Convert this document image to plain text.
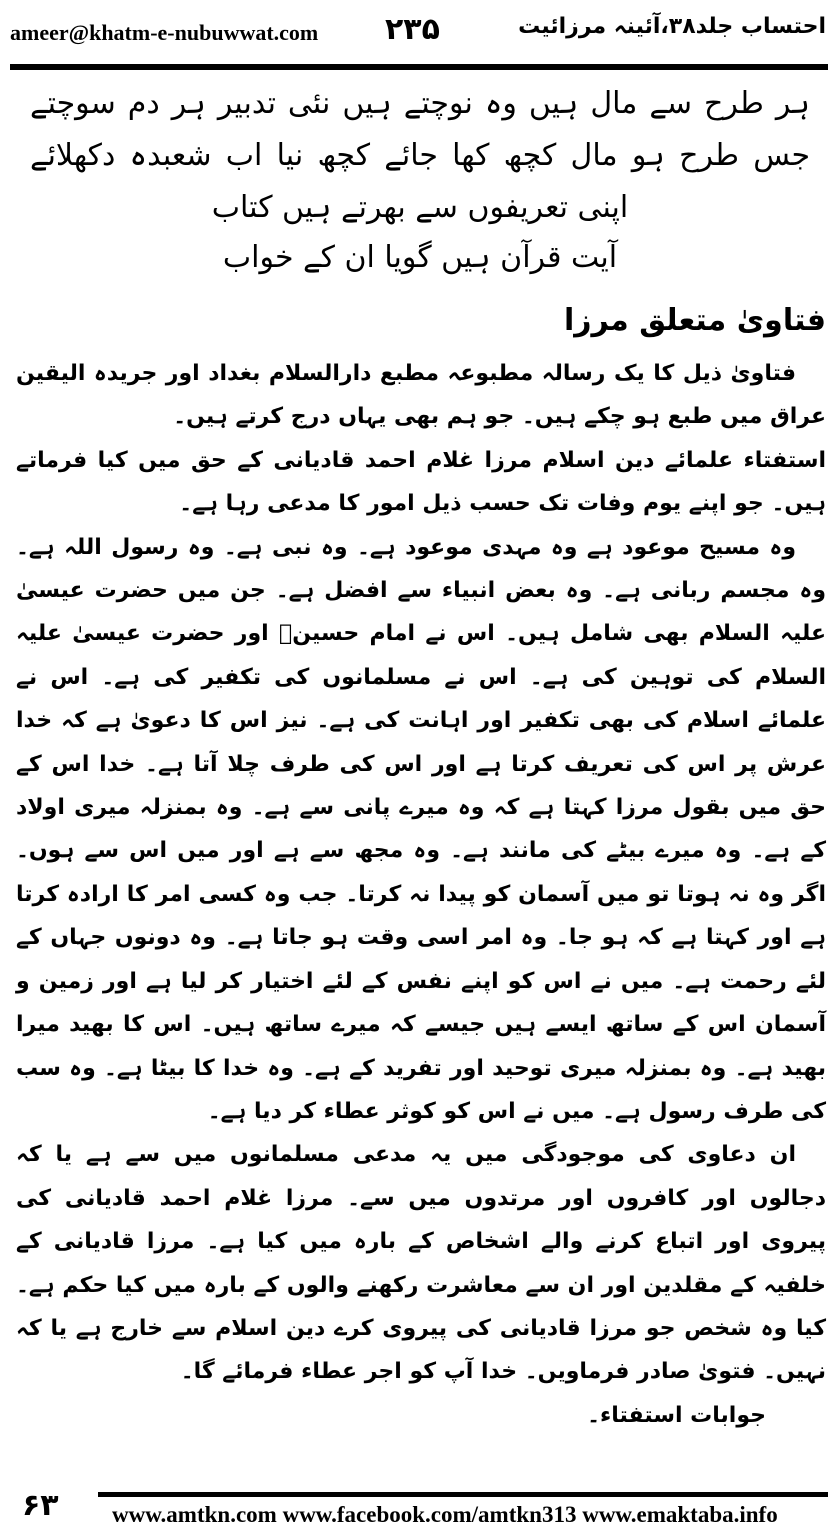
ameer@khatm-e-nubuwwat.com ۲۳۵	احتساب جلد۳۸،آئینہ مرزائیت
ہر طرح سے مال ہیں وہ نوچتے ہیں نئی تدبیر ہر دم سوچتے
جس طرح ہو مال کچھ کھا جائے کچھ نیا اب شعبدہ دکھلائے
اپنی تعریفوں سے بھرتے ہیں کتاب
آیت قرآن ہیں گویا ان کے خواب
فتاویٰ متعلق مرزا

فتاویٰ ذیل کا یک رسالہ مطبوعہ مطبع دارالسلام بغداد اور جریدہ الیقین عراق میں طبع ہو چکے ہیں۔ جو ہم بھی یہاں درج کرتے ہیں۔

استفتاء علمائے دین اسلام مرزا غلام احمد قادیانی کے حق میں کیا فرماتے ہیں۔ جو اپنے یوم وفات تک حسب ذیل امور کا مدعی رہا ہے۔

وہ مسیح موعود ہے وہ مہدی موعود ہے۔ وہ نبی ہے۔ وہ رسول اللہ ہے۔ وہ مجسم ربانی ہے۔ وہ بعض انبیاء سے افضل ہے۔ جن میں حضرت عیسیٰ علیہ السلام بھی شامل ہیں۔ اس نے امام حسینؓ اور حضرت عیسیٰ علیہ السلام کی توہین کی ہے۔ اس نے مسلمانوں کی تکفیر کی ہے۔ اس نے علمائے اسلام کی بھی تکفیر اور اہانت کی ہے۔ نیز اس کا دعویٰ ہے کہ خدا عرش پر اس کی تعریف کرتا ہے اور اس کی طرف چلا آتا ہے۔ خدا اس کے حق میں بقول مرزا کہتا ہے کہ وہ میرے پانی سے ہے۔ وہ بمنزلہ میری اولاد کے ہے۔ وہ میرے بیٹے کی مانند ہے۔ وہ مجھ سے ہے اور میں اس سے ہوں۔ اگر وہ نہ ہوتا تو میں آسمان کو پیدا نہ کرتا۔ جب وہ کسی امر کا ارادہ کرتا ہے اور کہتا ہے کہ ہو جا۔ وہ امر اسی وقت ہو جاتا ہے۔ وہ دونوں جہاں کے لئے رحمت ہے۔ میں نے اس کو اپنے نفس کے لئے اختیار کر لیا ہے اور زمین و آسمان اس کے ساتھ ایسے ہیں جیسے کہ میرے ساتھ ہیں۔ اس کا بھید میرا بھید ہے۔ وہ بمنزلہ میری توحید اور تفرید کے ہے۔ وہ خدا کا بیٹا ہے۔ وہ سب کی طرف رسول ہے۔ میں نے اس کو کوثر عطاء کر دیا ہے۔

ان دعاوی کی موجودگی میں یہ مدعی مسلمانوں میں سے ہے یا کہ دجالوں اور کافروں اور مرتدوں میں سے۔ مرزا غلام احمد قادیانی کی پیروی اور اتباع کرنے والے اشخاص کے بارہ میں کیا ہے۔ مرزا قادیانی کے خلفیہ کے مقلدین اور ان سے معاشرت رکھنے والوں کے بارہ میں کیا حکم ہے۔ کیا وہ شخص جو مرزا قادیانی کی پیروی کرے دین اسلام سے خارج ہے یا کہ نہیں۔ فتویٰ صادر فرماویں۔ خدا آپ کو اجر عطاء فرمائے گا۔

جوابات استفتاء۔

۶۳ www.amtkn.com www.facebook.com/amtkn313 www.emaktaba.info
